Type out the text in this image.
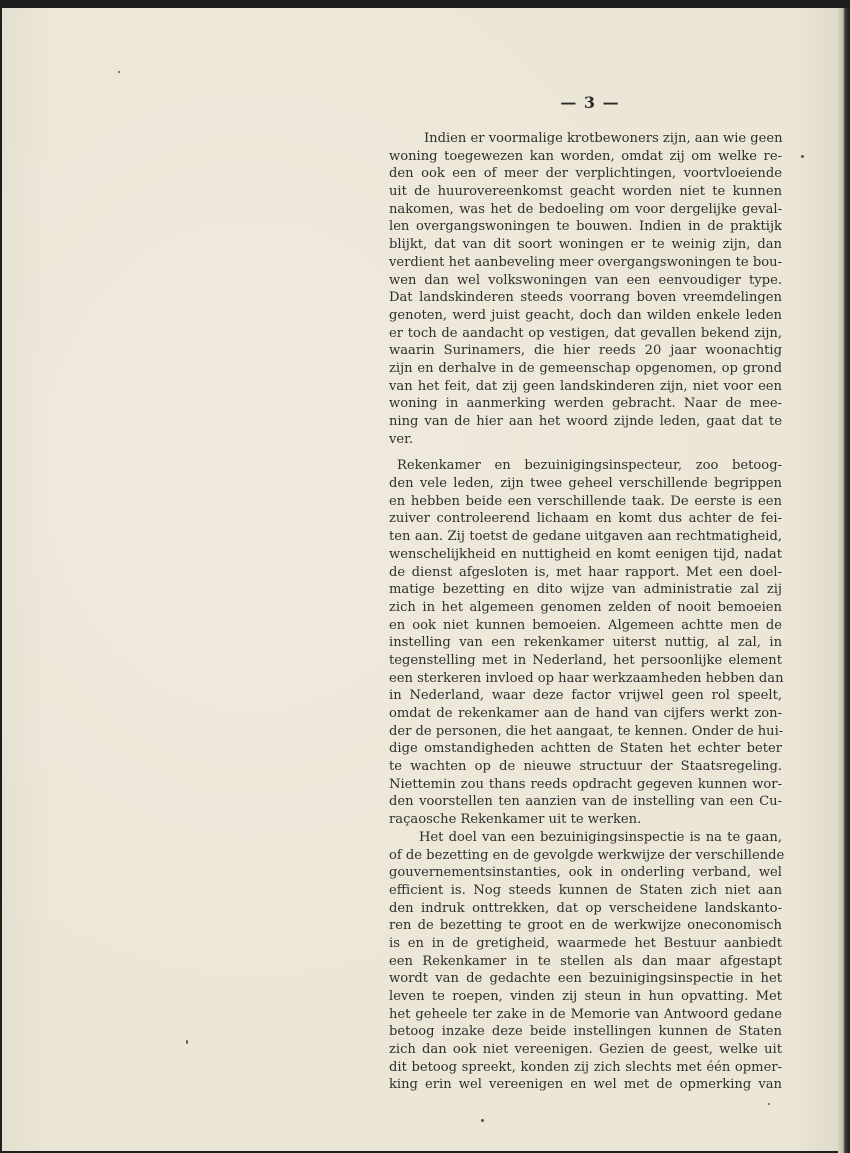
— 3 —
Indien er voormalige krotbewoners zijn, aan wie geen
woning toegewezen kan worden, omdat zij om welke re-
den ook een of meer der verplichtingen, voortvloeiende
uit de huurovereenkomst geacht worden niet te kunnen
nakomen, was het de bedoeling om voor dergelijke geval-
len overgangswoningen te bouwen. Indien in de praktijk
blijkt, dat van dit soort woningen er te weinig zijn, dan
verdient het aanbeveling meer overgangswoningen te bou-
wen dan wel volkswoningen van een eenvoudiger type.
Dat landskinderen steeds voorrang boven vreemdelingen
genoten, werd juist geacht, doch dan wilden enkele leden
er toch de aandacht op vestigen, dat gevallen bekend zijn,
waarin Surinamers, die hier reeds 20 jaar woonachtig
zijn en derhalve in de gemeenschap opgenomen, op grond
van het feit, dat zij geen landskinderen zijn, niet voor een
woning in aanmerking werden gebracht. Naar de mee-
ning van de hier aan het woord zijnde leden, gaat dat te
ver.
Rekenkamer en bezuinigingsinspecteur, zoo betoog-
den vele leden, zijn twee geheel verschillende begrippen
en hebben beide een verschillende taak. De eerste is een
zuiver controleerend lichaam en komt dus achter de fei-
ten aan. Zij toetst de gedane uitgaven aan rechtmatigheid,
wenschelijkheid en nuttigheid en komt eenigen tijd, nadat
de dienst afgesloten is, met haar rapport. Met een doel-
matige bezetting en dito wijze van administratie zal zij
zich in het algemeen genomen zelden of nooit bemoeien
en ook niet kunnen bemoeien. Algemeen achtte men de
instelling van een rekenkamer uiterst nuttig, al zal, in
tegenstelling met in Nederland, het persoonlijke element
een sterkeren invloed op haar werkzaamheden hebben dan
in Nederland, waar deze factor vrijwel geen rol speelt,
omdat de rekenkamer aan de hand van cijfers werkt zon-
der de personen, die het aangaat, te kennen. Onder de hui-
dige omstandigheden achtten de Staten het echter beter
te wachten op de nieuwe structuur der Staatsregeling.
Niettemin zou thans reeds opdracht gegeven kunnen wor-
den voorstellen ten aanzien van de instelling van een Cu-
raçaosche Rekenkamer uit te werken.
Het doel van een bezuinigingsinspectie is na te gaan,
of de bezetting en de gevolgde werkwijze der verschillende
gouvernementsinstanties, ook in onderling verband, wel
efficient is. Nog steeds kunnen de Staten zich niet aan
den indruk onttrekken, dat op verscheidene landskanto-
ren de bezetting te groot en de werkwijze oneconomisch
is en in de gretigheid, waarmede het Bestuur aanbiedt
een Rekenkamer in te stellen als dan maar afgestapt
wordt van de gedachte een bezuinigingsinspectie in het
leven te roepen, vinden zij steun in hun opvatting. Met
het geheele ter zake in de Memorie van Antwoord gedane
betoog inzake deze beide instellingen kunnen de Staten
zich dan ook niet vereenigen. Gezien de geest, welke uit
dit betoog spreekt, konden zij zich slechts met één opmer-
king erin wel vereenigen en wel met de opmerking van
